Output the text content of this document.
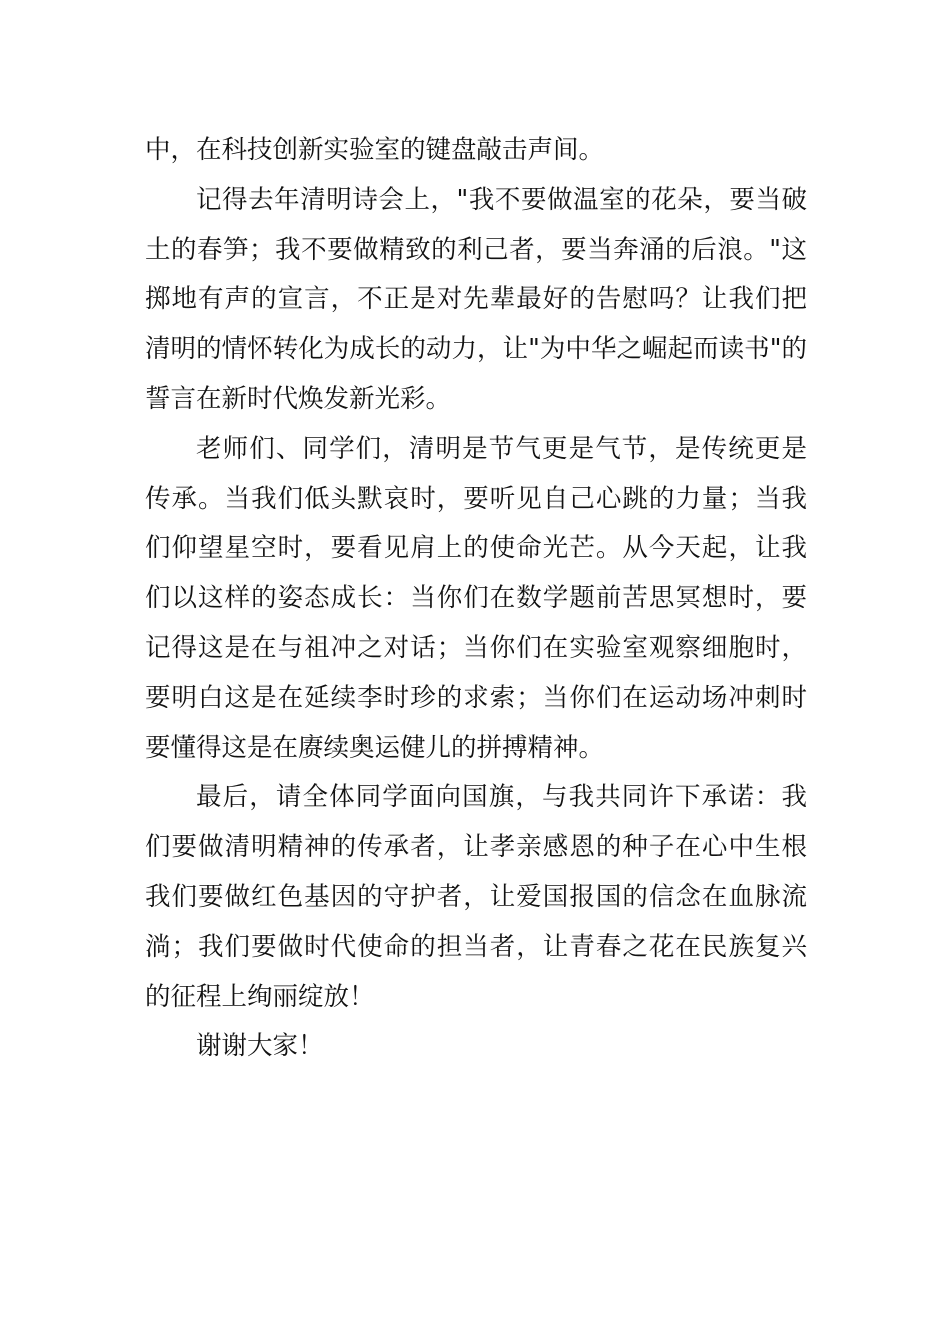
中，在科技创新实验室的键盘敲击声间。

记得去年清明诗会上，"我不要做温室的花朵，要当破土的春笋；我不要做精致的利己者，要当奔涌的后浪。"这掷地有声的宣言，不正是对先辈最好的告慰吗？让我们把清明的情怀转化为成长的动力，让"为中华之崛起而读书"的誓言在新时代焕发新光彩。

老师们、同学们，清明是节气更是气节，是传统更是传承。当我们低头默哀时，要听见自己心跳的力量；当我们仰望星空时，要看见肩上的使命光芒。从今天起，让我们以这样的姿态成长：当你们在数学题前苦思冥想时，要记得这是在与祖冲之对话；当你们在实验室观察细胞时，要明白这是在延续李时珍的求索；当你们在运动场冲刺时要懂得这是在赓续奥运健儿的拼搏精神。

最后，请全体同学面向国旗，与我共同许下承诺：我们要做清明精神的传承者，让孝亲感恩的种子在心中生根我们要做红色基因的守护者，让爱国报国的信念在血脉流淌；我们要做时代使命的担当者，让青春之花在民族复兴的征程上绚丽绽放！

谢谢大家！
